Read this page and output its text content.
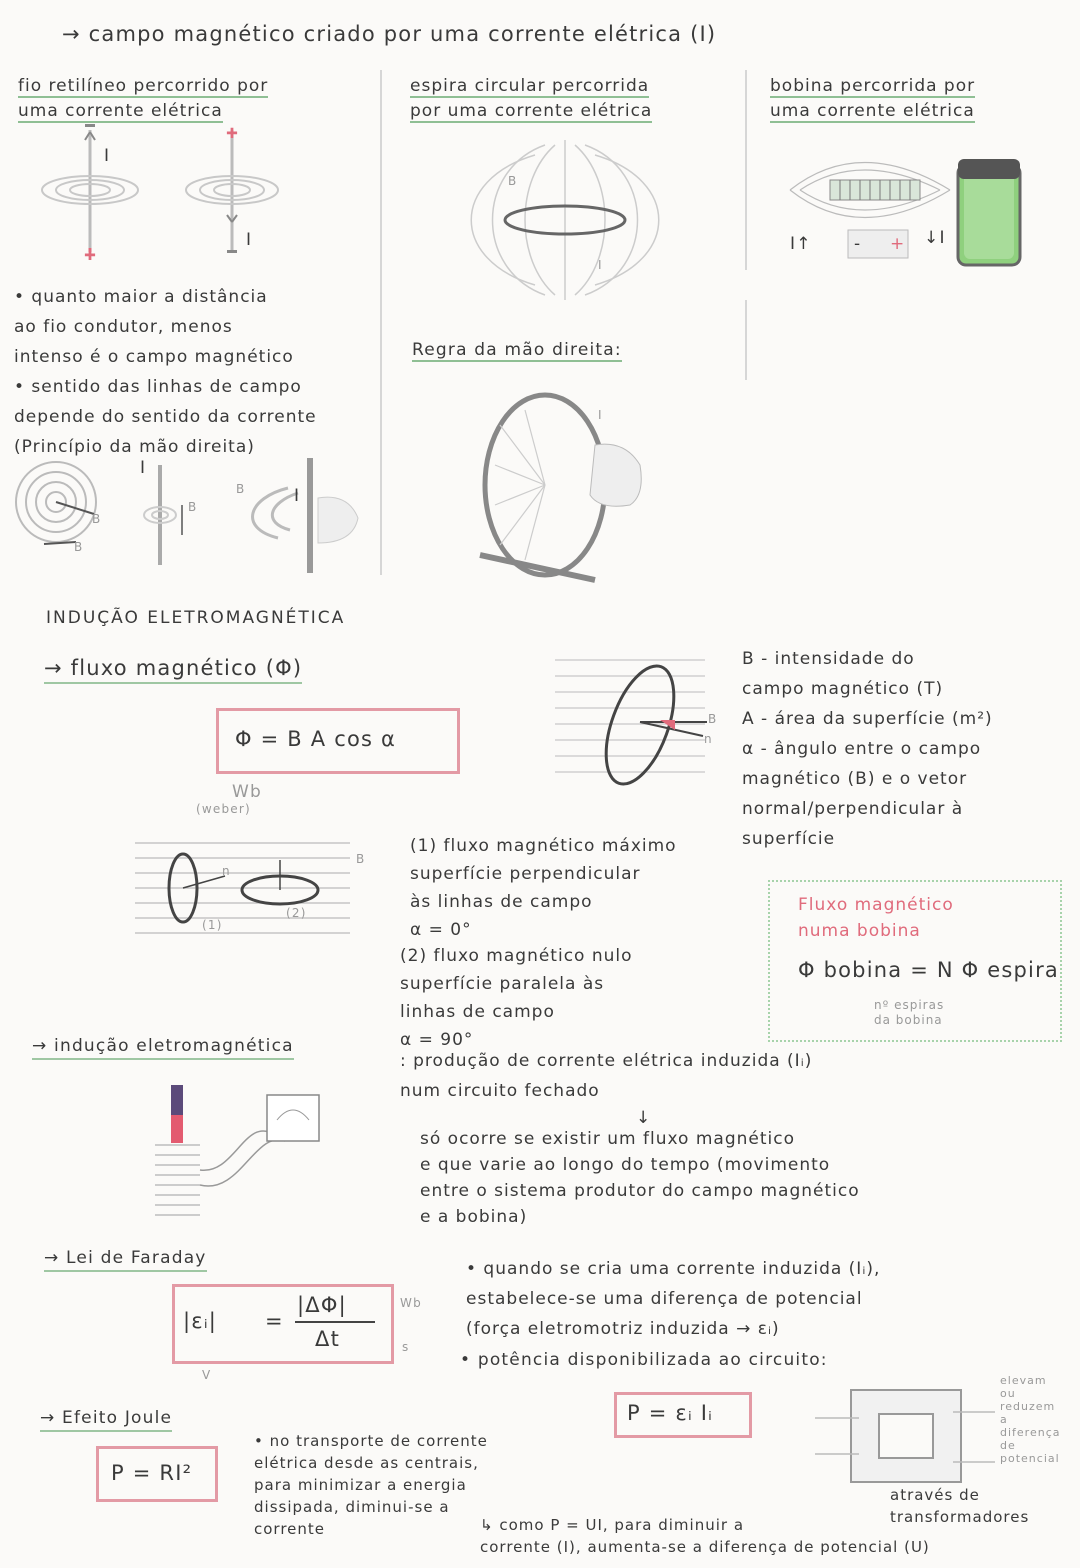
→ campo magnético criado por uma corrente elétrica (I)
fio retilíneo percorrido por
uma corrente elétrica
✚
✚
I
I
• quanto maior a distância
ao fio condutor, menos
intenso é o campo magnético
• sentido das linhas de campo
depende do sentido da corrente
(Princípio da mão direita)
B
B
I
B
B	I
espira circular percorrida
por uma corrente elétrica
B
I
Regra da mão direita:
I
bobina percorrida por
uma corrente elétrica
I↑	↓I
- +
INDUÇÃO ELETROMAGNÉTICA
→ fluxo magnético (Φ)
Φ = B A cos α
Wb
(weber)
B
n
B - intensidade do
campo magnético (T)
A - área da superfície (m²)
α - ângulo entre o campo
magnético (B) e o vetor
normal/perpendicular à
superfície
n
B
(1)
(2)
(1) fluxo magnético máximo
superfície perpendicular
às linhas de campo
α = 0°
(2) fluxo magnético nulo
superfície paralela às
linhas de campo
α = 90°
Fluxo magnético
numa bobina
Φ bobina = N Φ espira
nº espiras
da bobina
→ indução eletromagnética
: produção de corrente elétrica induzida (Iᵢ)
num circuito fechado
↓
só ocorre se existir um fluxo magnético
e que varie ao longo do tempo (movimento
entre o sistema produtor do campo magnético
e a bobina)
→ Lei de Faraday
|εᵢ| =
|ΔΦ|
Δt
Wb
s
V
• quando se cria uma corrente induzida (Iᵢ),
estabelece-se uma diferença de potencial
(força eletromotriz induzida → εᵢ)
• potência disponibilizada ao circuito:
P = εᵢ Iᵢ
elevam
ou
reduzem
a
diferença
de
potencial
através de
transformadores
→ Efeito Joule
P = RI²
• no transporte de corrente
elétrica desde as centrais,
para minimizar a energia
dissipada, diminui-se a
corrente	↳ como P = UI, para diminuir a
corrente (I), aumenta-se a diferença de potencial (U)
